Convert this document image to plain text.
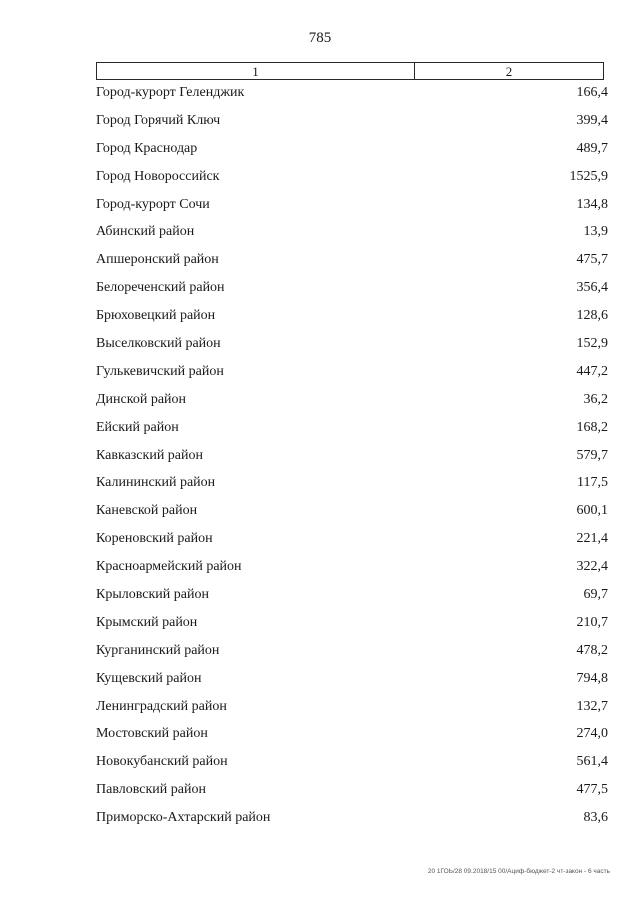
785
1	2
Город-курорт Геленджик	166,4
Город Горячий Ключ	399,4
Город Краснодар	489,7
Город Новороссийск	1525,9
Город-курорт Сочи	134,8
Абинский район	13,9
Апшеронский район	475,7
Белореченский район	356,4
Брюховецкий район	128,6
Выселковский район	152,9
Гулькевичский район	447,2
Динской район	36,2
Ейский район	168,2
Кавказский район	579,7
Калининский район	117,5
Каневской район	600,1
Кореновский район	221,4
Красноармейский район	322,4
Крыловский район	69,7
Крымский район	210,7
Курганинский район	478,2
Кущевский район	794,8
Ленинградский район	132,7
Мостовский район	274,0
Новокубанский район	561,4
Павловский район	477,5
Приморско-Ахтарский район	83,6
20 1ГОЬ/28 09.2018/15 00/Ациф-бюджет-2 чт-закон - 6 часть
